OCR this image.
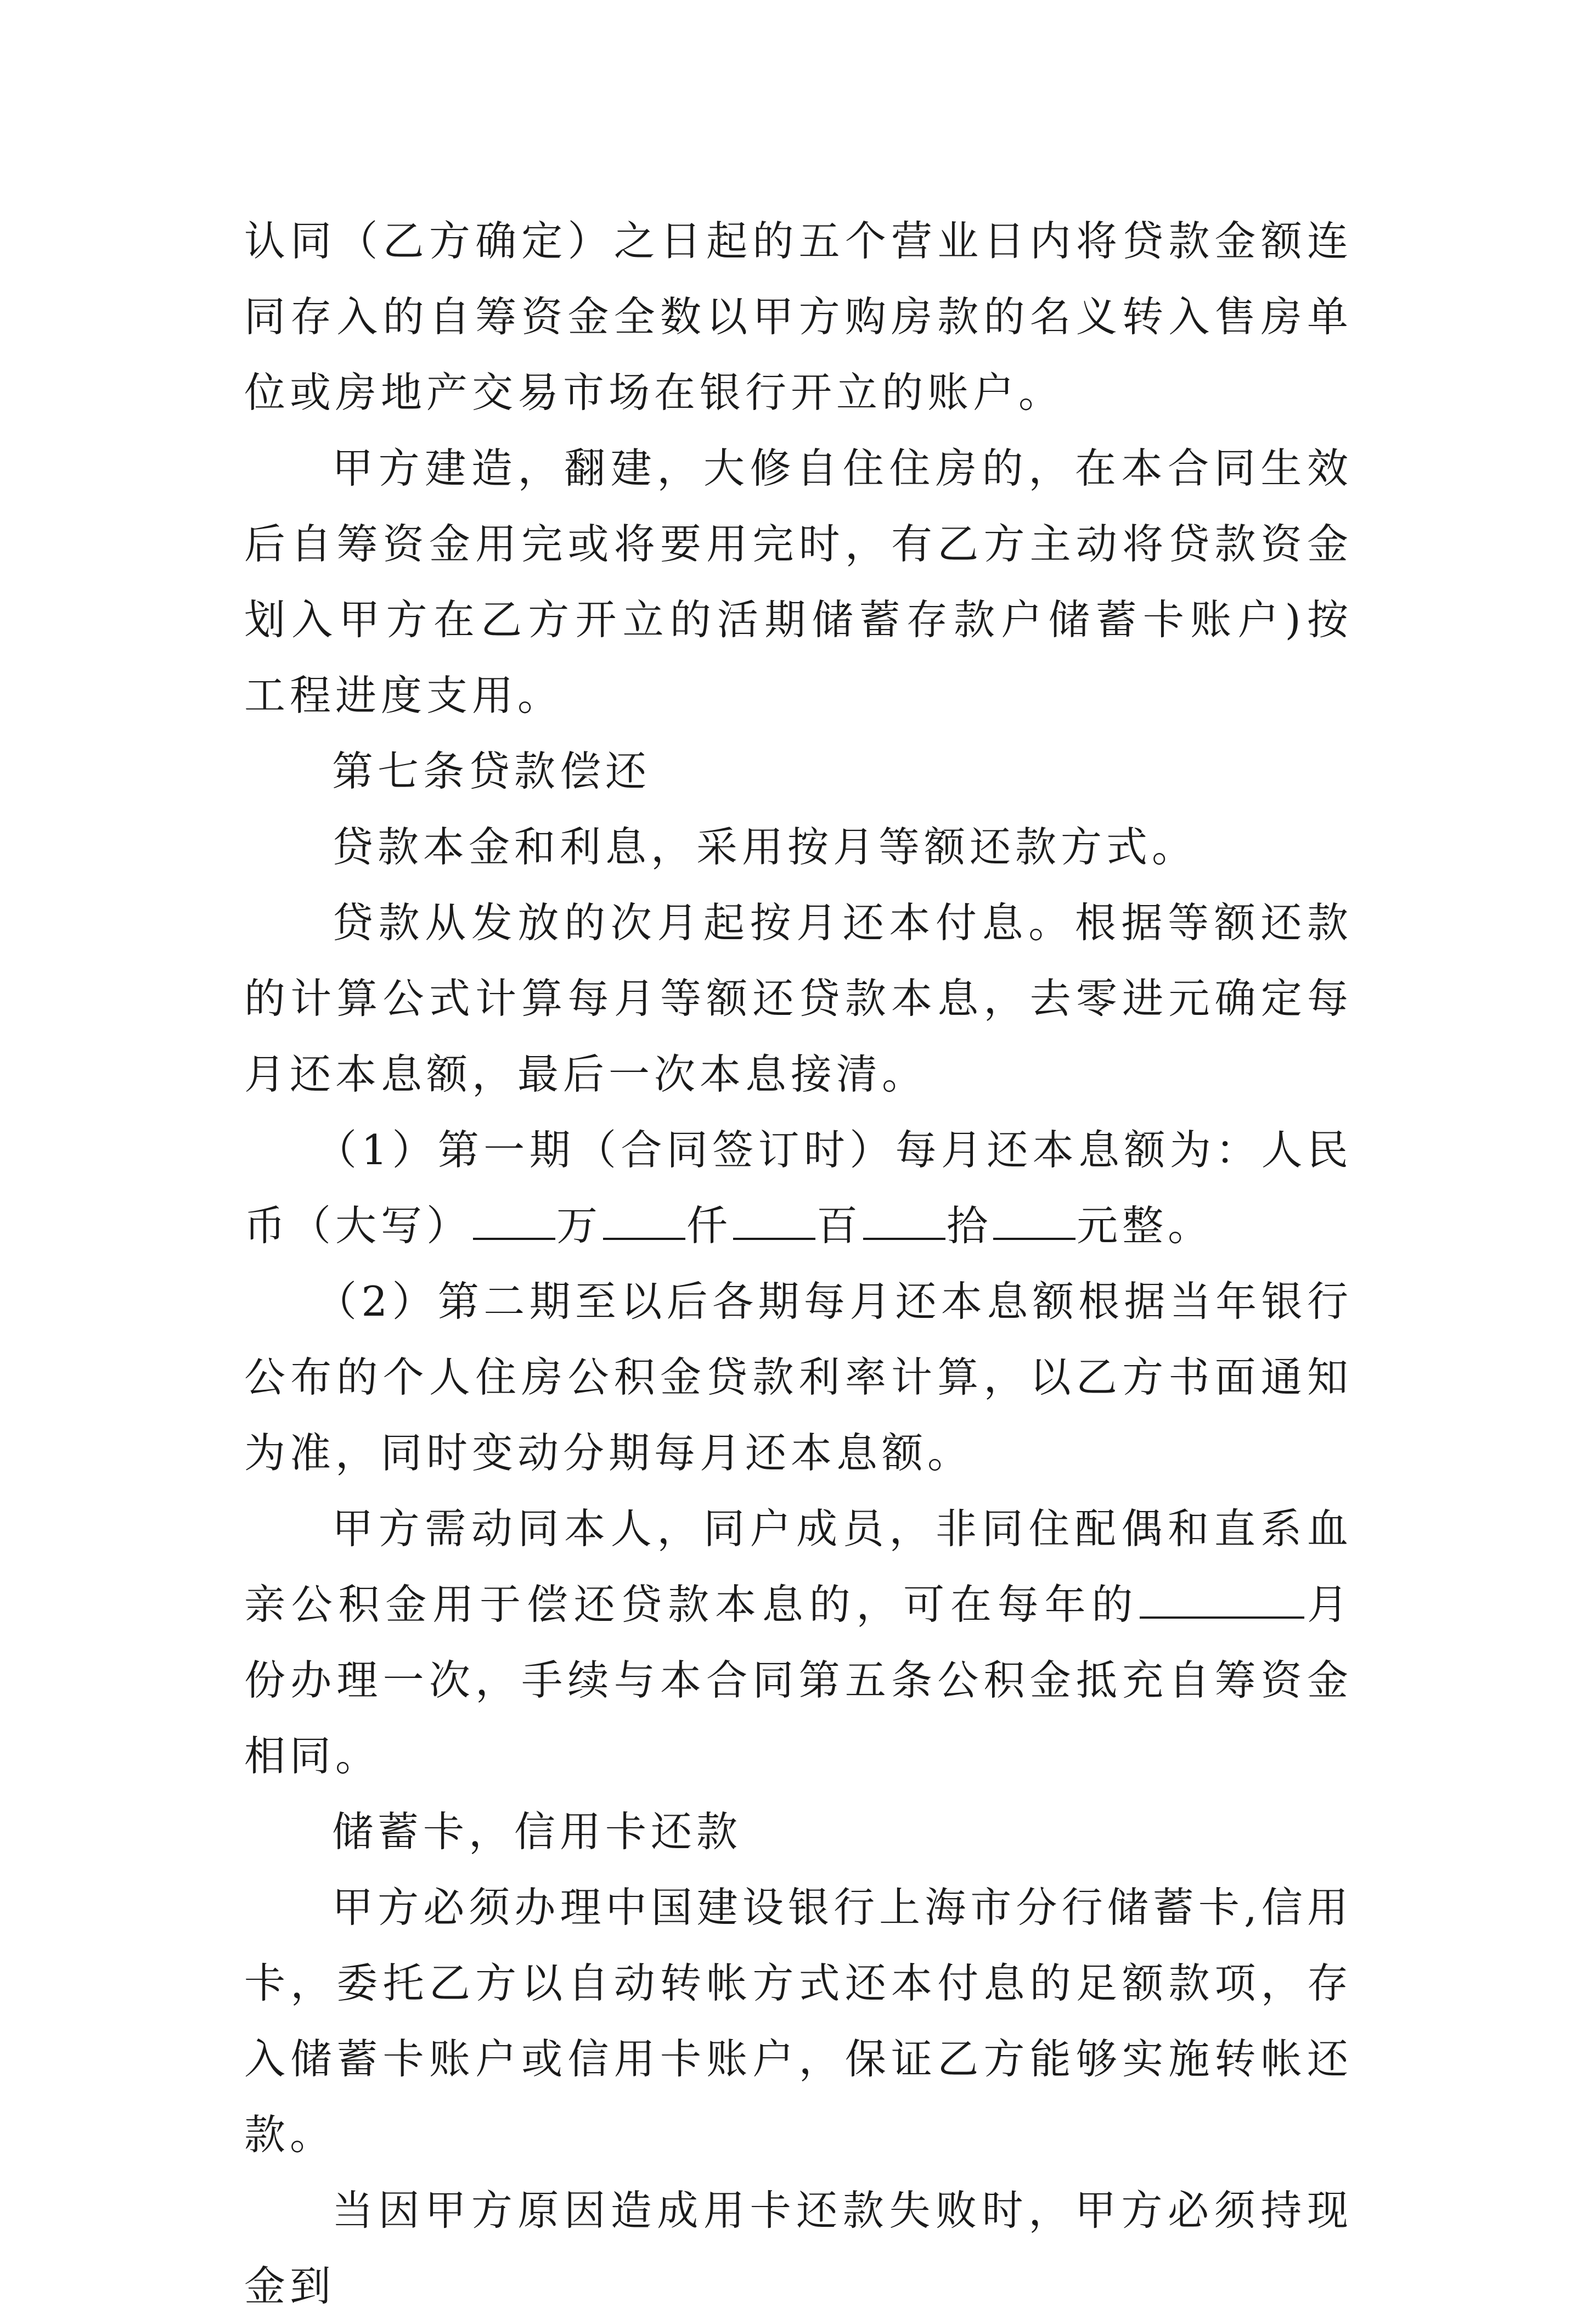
认同（乙方确定）之日起的五个营业日内将贷款金额连同存入的自筹资金全数以甲方购房款的名义转入售房单位或房地产交易市场在银行开立的账户。

甲方建造，翻建，大修自住住房的，在本合同生效后自筹资金用完或将要用完时，有乙方主动将贷款资金划入甲方在乙方开立的活期储蓄存款户储蓄卡账户)按工程进度支用。

第七条贷款偿还

贷款本金和利息，采用按月等额还款方式。

贷款从发放的次月起按月还本付息。根据等额还款的计算公式计算每月等额还贷款本息，去零进元确定每月还本息额，最后一次本息接清。

（1）第一期（合同签订时）每月还本息额为：人民币（大写） 万 仟 百 拾 元整。

（2）第二期至以后各期每月还本息额根据当年银行公布的个人住房公积金贷款利率计算，以乙方书面通知为准，同时变动分期每月还本息额。

甲方需动同本人，同户成员，非同住配偶和直系血亲公积金用于偿还贷款本息的，可在每年的	月份办理一次，手续与本合同第五条公积金抵充自筹资金相同。

储蓄卡，信用卡还款

甲方必须办理中国建设银行上海市分行储蓄卡,信用卡，委托乙方以自动转帐方式还本付息的足额款项，存入储蓄卡账户或信用卡账户，保证乙方能够实施转帐还款。

当因甲方原因造成用卡还款失败时，甲方必须持现金到
